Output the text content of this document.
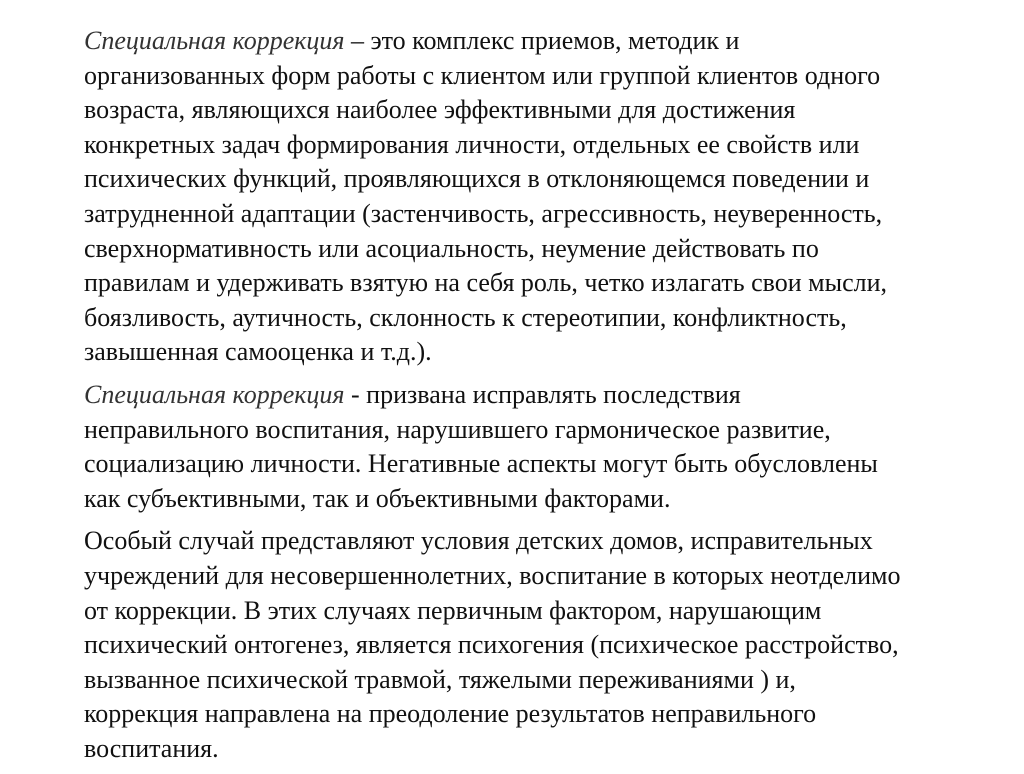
Специальная коррекция – это комплекс приемов, методик и
организованных форм работы с клиентом или группой клиентов одного
возраста, являющихся наиболее эффективными для достижения
конкретных задач формирования личности, отдельных ее свойств или
психических функций, проявляющихся в отклоняющемся поведении и
затрудненной адаптации (застенчивость, агрессивность, неуверенность,
сверхнормативность или асоциальность, неумение действовать по
правилам и удерживать взятую на себя роль, четко излагать свои мысли,
боязливость, аутичность, склонность к стереотипии, конфликтность,
завышенная самооценка и т.д.).

Специальная коррекция - призвана исправлять последствия
неправильного воспитания, нарушившего гармоническое развитие,
социализацию личности. Негативные аспекты могут быть обусловлены
как субъективными, так и объективными факторами.

Особый случай представляют условия детских домов, исправительных
учреждений для несовершеннолетних, воспитание в которых неотделимо
от коррекции. В этих случаях первичным фактором, нарушающим
психический онтогенез, является психогения (психическое расстройство,
вызванное психической травмой, тяжелыми переживаниями ) и,
коррекция направлена на преодоление результатов неправильного
воспитания.
